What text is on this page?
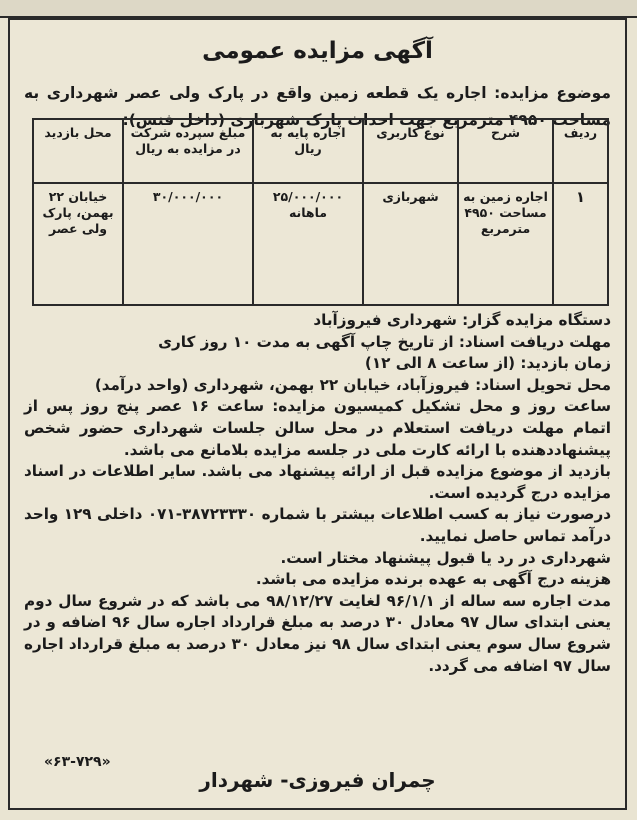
آگهی مزایده عمومی
موضوع مزایده: اجاره یک قطعه زمین واقع در پارک ولی عصر شهرداری به مساحت ۴۹۵۰ مترمربع جهت احداث پارک شهربازی (داخل فنس):
ردیف	شرح	نوع کاربری	اجاره پایه به ریال	مبلغ سپرده شرکت در مزایده به ریال	محل بازدید
۱	اجاره زمین به مساحت ۴۹۵۰ مترمربع	شهربازی	۲۵/۰۰۰/۰۰۰ ماهانه	۳۰/۰۰۰/۰۰۰	خیابان ۲۲ بهمن، پارک ولی عصر

دستگاه مزایده گزار: شهرداری فیروزآباد

مهلت دریافت اسناد: از تاریخ چاپ آگهی به مدت ۱۰ روز کاری

زمان بازدید: (از ساعت ۸ الی ۱۲)

محل تحویل اسناد: فیروزآباد، خیابان ۲۲ بهمن، شهرداری (واحد درآمد)

ساعت روز و محل تشکیل کمیسیون مزایده: ساعت ۱۶ عصر پنج روز پس از اتمام مهلت دریافت استعلام در محل سالن جلسات شهرداری حضور شخص پیشنهاددهنده با ارائه کارت ملی در جلسه مزایده بلامانع می باشد.

بازدید از موضوع مزایده قبل از ارائه پیشنهاد می باشد. سایر اطلاعات در اسناد مزایده درج گردیده است.

درصورت نیاز به کسب اطلاعات بیشتر با شماره ۳۸۷۲۳۳۳۰-۰۷۱ داخلی ۱۲۹ واحد درآمد تماس حاصل نمایید.

شهرداری در رد یا قبول پیشنهاد مختار است.

هزینه درج آگهی به عهده برنده مزایده می باشد.

مدت اجاره سه ساله از ۹۶/۱/۱ لغایت ۹۸/۱۲/۲۷ می باشد که در شروع سال دوم یعنی ابتدای سال ۹۷ معادل ۳۰ درصد به مبلغ قرارداد اجاره سال ۹۶ اضافه و در شروع سال سوم یعنی ابتدای سال ۹۸ نیز معادل ۳۰ درصد به مبلغ قرارداد اجاره سال ۹۷ اضافه می گردد.

«۶۳-۷۲۹»
چمران فیروزی- شهردار
